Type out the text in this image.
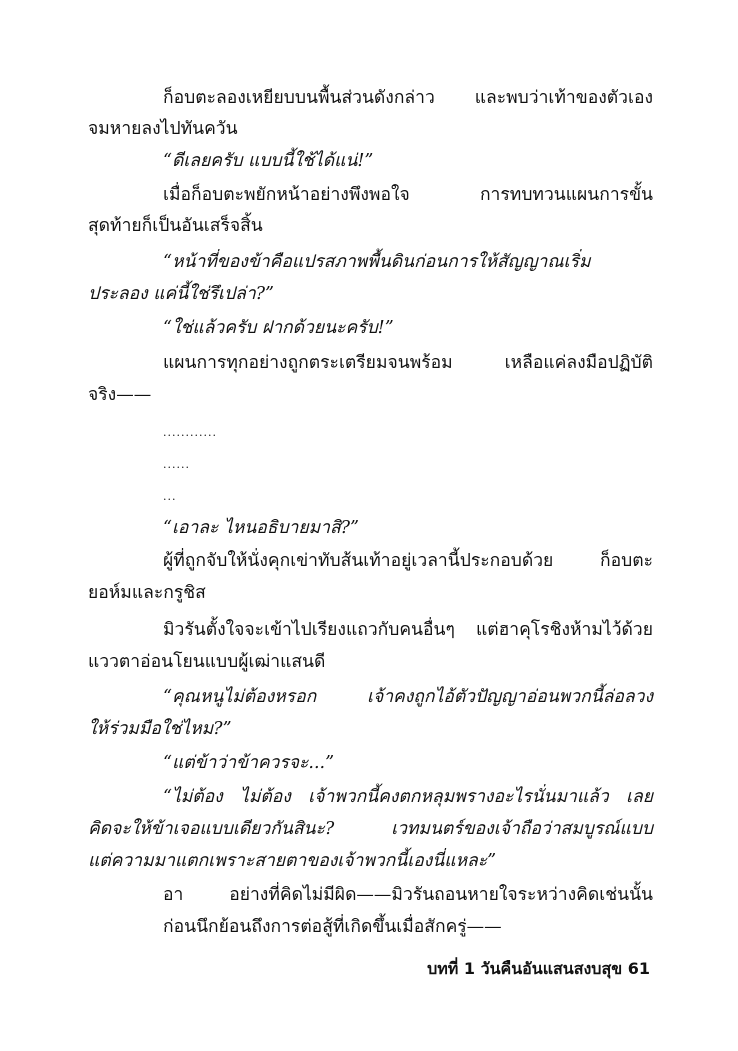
ก็อบตะลองเหยียบบนพื้นส่วนดังกล่าว และพบว่าเท้าของตัวเอง
จมหายลงไปทันควัน
“ดีเลยครับ แบบนี้ใช้ได้แน่!”
เมื่อก็อบตะพยักหน้าอย่างพึงพอใจ การทบทวนแผนการขั้น
สุดท้ายก็เป็นอันเสร็จสิ้น
“หน้าที่ของข้าคือแปรสภาพพื้นดินก่อนการให้สัญญาณเริ่ม
ประลอง แค่นี้ใช่รึเปล่า?”
“ใช่แล้วครับ ฝากด้วยนะครับ!”
แผนการทุกอย่างถูกตระเตรียมจนพร้อม เหลือแค่ลงมือปฏิบัติ
จริง——
............
......
...
“เอาละ ไหนอธิบายมาสิ?”
ผู้ที่ถูกจับให้นั่งคุกเข่าทับส้นเท้าอยู่เวลานี้ประกอบด้วย ก็อบตะ
ยอห์มและกรูชิส
มิวรันตั้งใจจะเข้าไปเรียงแถวกับคนอื่นๆ แต่ฮาคุโรชิงห้ามไว้ด้วย
แววตาอ่อนโยนแบบผู้เฒ่าแสนดี
“คุณหนูไม่ต้องหรอก เจ้าคงถูกไอ้ตัวปัญญาอ่อนพวกนี้ล่อลวง
ให้ร่วมมือใช่ไหม?”
“แต่ข้าว่าข้าควรจะ...”
“ไม่ต้อง ไม่ต้อง เจ้าพวกนี้คงตกหลุมพรางอะไรนั่นมาแล้ว เลย
คิดจะให้ข้าเจอแบบเดียวกันสินะ? เวทมนตร์ของเจ้าถือว่าสมบูรณ์แบบ
แต่ความมาแตกเพราะสายตาของเจ้าพวกนี้เองนี่แหละ”
อา อย่างที่คิดไม่มีผิด——มิวรันถอนหายใจระหว่างคิดเช่นนั้น
ก่อนนึกย้อนถึงการต่อสู้ที่เกิดขึ้นเมื่อสักครู่——
บทที่ 1 วันคืนอันแสนสงบสุข 61
